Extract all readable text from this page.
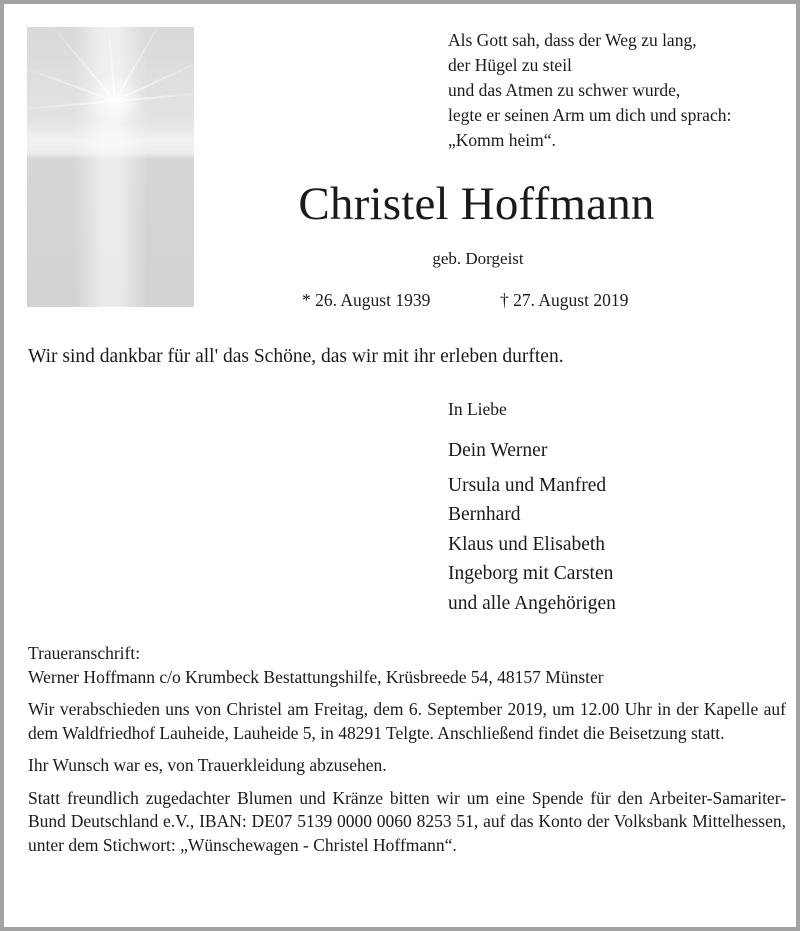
Als Gott sah, dass der Weg zu lang,
der Hügel zu steil
und das Atmen zu schwer wurde,
legte er seinen Arm um dich und sprach:
„Komm heim“.
Christel Hoffmann
geb. Dorgeist
* 26. August 1939	† 27. August 2019
Wir sind dankbar für all' das Schöne, das wir mit ihr erleben durften.
In Liebe
Dein Werner
Ursula und Manfred
Bernhard
Klaus und Elisabeth
Ingeborg mit Carsten
und alle Angehörigen

Traueranschrift:

Werner Hoffmann c/o Krumbeck Bestattungshilfe, Krüsbreede 54, 48157 Münster

Wir verabschieden uns von Christel am Freitag, dem 6. September 2019, um 12.00 Uhr in der Kapelle auf dem Waldfriedhof Lauheide, Lauheide 5, in 48291 Telgte. Anschließend findet die Beisetzung statt.

Ihr Wunsch war es, von Trauerkleidung abzusehen.

Statt freundlich zugedachter Blumen und Kränze bitten wir um eine Spende für den Arbeiter-Samariter-Bund Deutschland e.V., IBAN: DE07 5139 0000 0060 8253 51, auf das Konto der Volksbank Mittelhessen, unter dem Stichwort: „Wünschewagen - Christel Hoffmann“.
